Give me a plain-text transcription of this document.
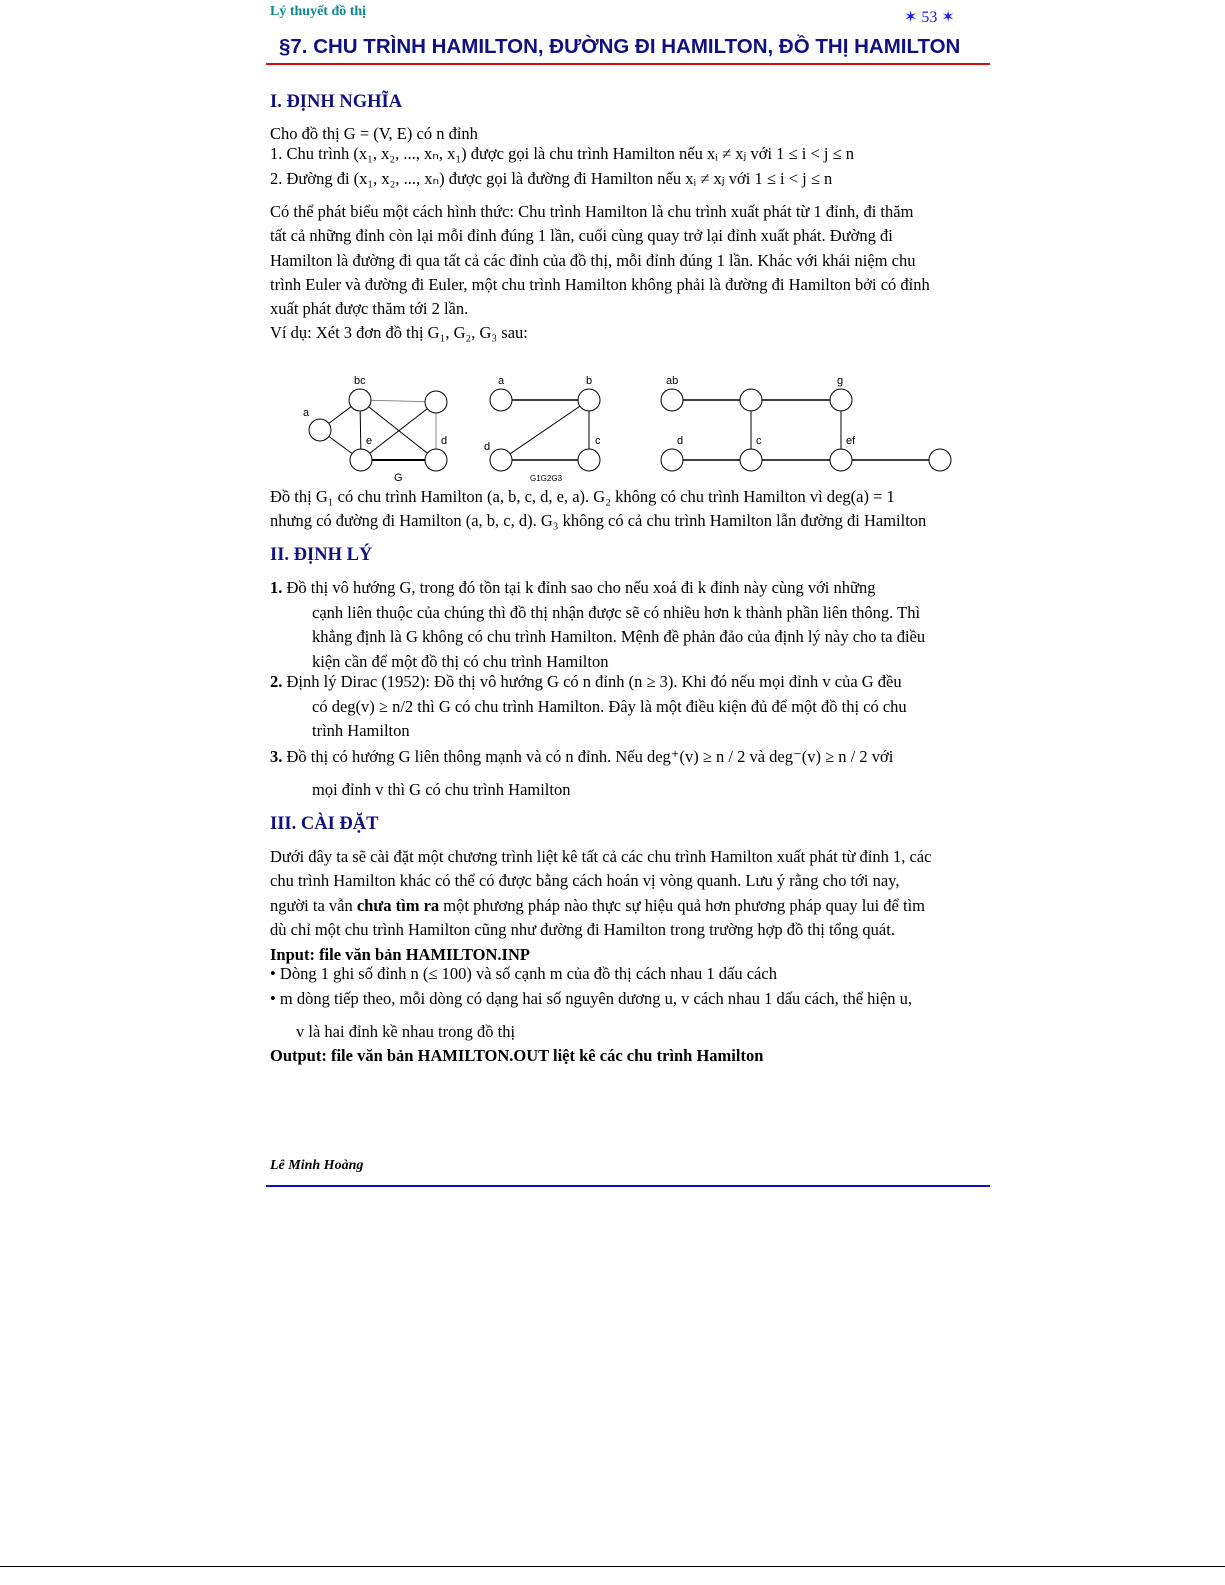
Lý thuyết đồ thị	✶ 53 ✶
§7. CHU TRÌNH HAMILTON, ĐƯỜNG ĐI HAMILTON, ĐỒ THỊ HAMILTON
I. ĐỊNH NGHĨA
Cho đồ thị G = (V, E) có n đỉnh
1. Chu trình (x₁, x₂, ..., xₙ, x₁) được gọi là chu trình Hamilton nếu xᵢ ≠ xⱼ với 1 ≤ i < j ≤ n
2. Đường đi (x₁, x₂, ..., xₙ) được gọi là đường đi Hamilton nếu xᵢ ≠ xⱼ với 1 ≤ i < j ≤ n
Có thể phát biểu một cách hình thức: Chu trình Hamilton là chu trình xuất phát từ 1 đỉnh, đi thăm
tất cả những đỉnh còn lại mỗi đỉnh đúng 1 lần, cuối cùng quay trở lại đỉnh xuất phát. Đường đi
Hamilton là đường đi qua tất cả các đỉnh của đồ thị, mỗi đỉnh đúng 1 lần. Khác với khái niệm chu
trình Euler và đường đi Euler, một chu trình Hamilton không phải là đường đi Hamilton bởi có đỉnh
xuất phát được thăm tới 2 lần.
Ví dụ: Xét 3 đơn đồ thị G₁, G₂, G₃ sau:
Đồ thị G₁ có chu trình Hamilton (a, b, c, d, e, a). G₂ không có chu trình Hamilton vì deg(a) = 1
nhưng có đường đi Hamilton (a, b, c, d). G₃ không có cả chu trình Hamilton lẫn đường đi Hamilton
bc
a
e	d
G
a	b
d	c
G1G2G3
ab	g
d	c	ef
II. ĐỊNH LÝ
1. Đồ thị vô hướng G, trong đó tồn tại k đỉnh sao cho nếu xoá đi k đỉnh này cùng với những
cạnh liên thuộc của chúng thì đồ thị nhận được sẽ có nhiều hơn k thành phần liên thông. Thì
khẳng định là G không có chu trình Hamilton. Mệnh đề phản đảo của định lý này cho ta điều
kiện cần để một đồ thị có chu trình Hamilton
2. Định lý Dirac (1952): Đồ thị vô hướng G có n đỉnh (n ≥ 3). Khi đó nếu mọi đỉnh v của G đều
có deg(v) ≥ n/2 thì G có chu trình Hamilton. Đây là một điều kiện đủ để một đồ thị có chu
trình Hamilton
3. Đồ thị có hướng G liên thông mạnh và có n đỉnh. Nếu deg⁺(v) ≥ n / 2 và deg⁻(v) ≥ n / 2 với
mọi đỉnh v thì G có chu trình Hamilton
III. CÀI ĐẶT
Dưới đây ta sẽ cài đặt một chương trình liệt kê tất cả các chu trình Hamilton xuất phát từ đỉnh 1, các
chu trình Hamilton khác có thể có được bằng cách hoán vị vòng quanh. Lưu ý rằng cho tới nay,
người ta vẫn chưa tìm ra một phương pháp nào thực sự hiệu quả hơn phương pháp quay lui để tìm
dù chỉ một chu trình Hamilton cũng như đường đi Hamilton trong trường hợp đồ thị tổng quát.
Input: file văn bản HAMILTON.INP
• Dòng 1 ghi số đỉnh n (≤ 100) và số cạnh m của đồ thị cách nhau 1 dấu cách
• m dòng tiếp theo, mỗi dòng có dạng hai số nguyên dương u, v cách nhau 1 dấu cách, thể hiện u,
v là hai đỉnh kề nhau trong đồ thị
Output: file văn bản HAMILTON.OUT liệt kê các chu trình Hamilton
Lê Minh Hoàng
